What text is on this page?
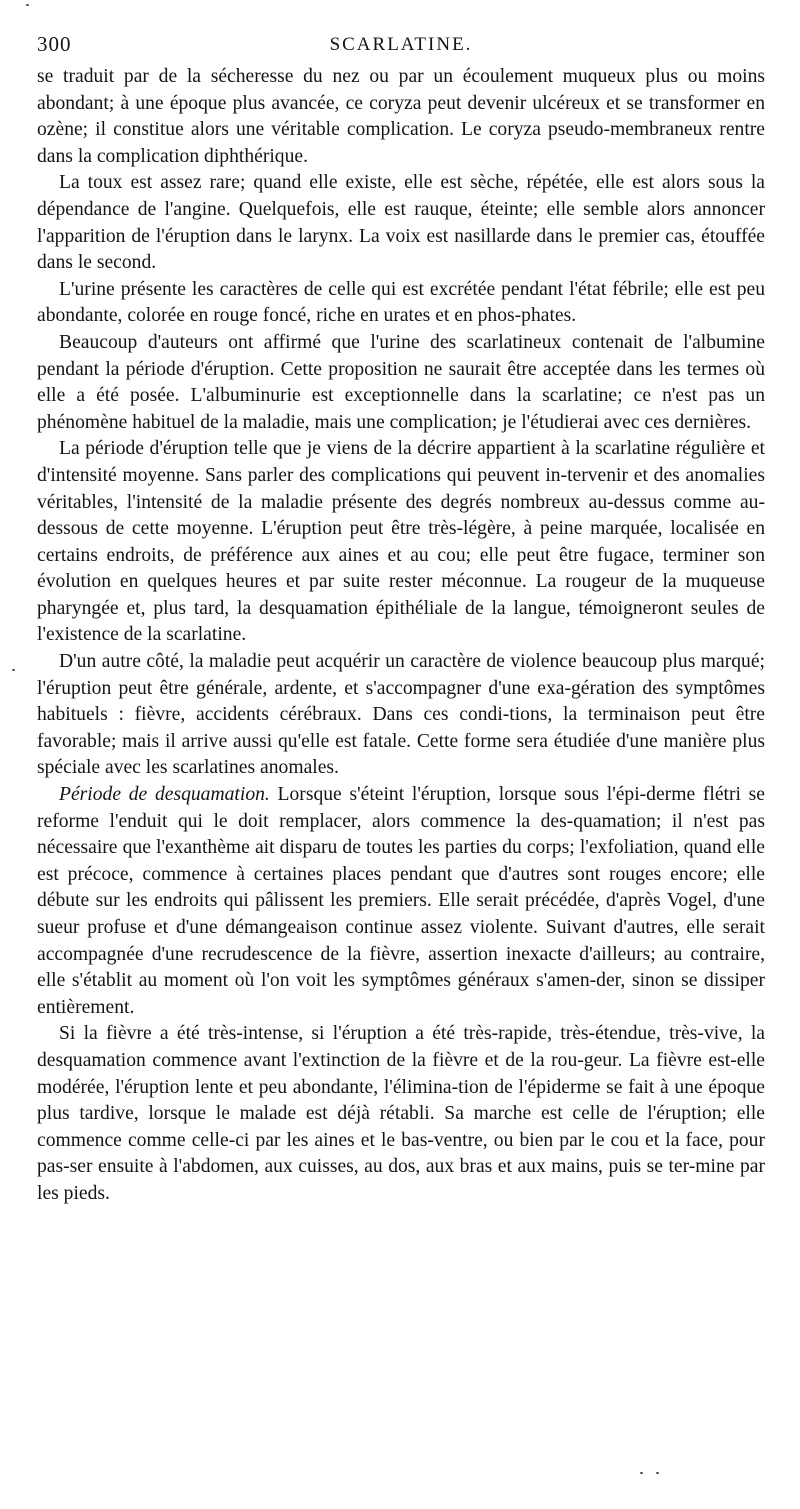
300	SCARLATINE.

se traduit par de la sécheresse du nez ou par un écoulement muqueux plus ou moins abondant; à une époque plus avancée, ce coryza peut devenir ulcéreux et se transformer en ozène; il constitue alors une véritable complication. Le coryza pseudo-membraneux rentre dans la complication diphthérique.

La toux est assez rare; quand elle existe, elle est sèche, répétée, elle est alors sous la dépendance de l'angine. Quelquefois, elle est rauque, éteinte; elle semble alors annoncer l'apparition de l'éruption dans le larynx. La voix est nasillarde dans le premier cas, étouffée dans le second.

L'urine présente les caractères de celle qui est excrétée pendant l'état fébrile; elle est peu abondante, colorée en rouge foncé, riche en urates et en phos-phates.

Beaucoup d'auteurs ont affirmé que l'urine des scarlatineux contenait de l'albumine pendant la période d'éruption. Cette proposition ne saurait être acceptée dans les termes où elle a été posée. L'albuminurie est exceptionnelle dans la scarlatine; ce n'est pas un phénomène habituel de la maladie, mais une complication; je l'étudierai avec ces dernières.

La période d'éruption telle que je viens de la décrire appartient à la scarlatine régulière et d'intensité moyenne. Sans parler des complications qui peuvent in-tervenir et des anomalies véritables, l'intensité de la maladie présente des degrés nombreux au-dessus comme au-dessous de cette moyenne. L'éruption peut être très-légère, à peine marquée, localisée en certains endroits, de préférence aux aines et au cou; elle peut être fugace, terminer son évolution en quelques heures et par suite rester méconnue. La rougeur de la muqueuse pharyngée et, plus tard, la desquamation épithéliale de la langue, témoigneront seules de l'existence de la scarlatine.

D'un autre côté, la maladie peut acquérir un caractère de violence beaucoup plus marqué; l'éruption peut être générale, ardente, et s'accompagner d'une exa-gération des symptômes habituels : fièvre, accidents cérébraux. Dans ces condi-tions, la terminaison peut être favorable; mais il arrive aussi qu'elle est fatale. Cette forme sera étudiée d'une manière plus spéciale avec les scarlatines anomales.

Période de desquamation. Lorsque s'éteint l'éruption, lorsque sous l'épi-derme flétri se reforme l'enduit qui le doit remplacer, alors commence la des-quamation; il n'est pas nécessaire que l'exanthème ait disparu de toutes les parties du corps; l'exfoliation, quand elle est précoce, commence à certaines places pendant que d'autres sont rouges encore; elle débute sur les endroits qui pâlissent les premiers. Elle serait précédée, d'après Vogel, d'une sueur profuse et d'une démangeaison continue assez violente. Suivant d'autres, elle serait accompagnée d'une recrudescence de la fièvre, assertion inexacte d'ailleurs; au contraire, elle s'établit au moment où l'on voit les symptômes généraux s'amen-der, sinon se dissiper entièrement.

Si la fièvre a été très-intense, si l'éruption a été très-rapide, très-étendue, très-vive, la desquamation commence avant l'extinction de la fièvre et de la rou-geur. La fièvre est-elle modérée, l'éruption lente et peu abondante, l'élimina-tion de l'épiderme se fait à une époque plus tardive, lorsque le malade est déjà rétabli. Sa marche est celle de l'éruption; elle commence comme celle-ci par les aines et le bas-ventre, ou bien par le cou et la face, pour pas-ser ensuite à l'abdomen, aux cuisses, au dos, aux bras et aux mains, puis se ter-mine par les pieds.
